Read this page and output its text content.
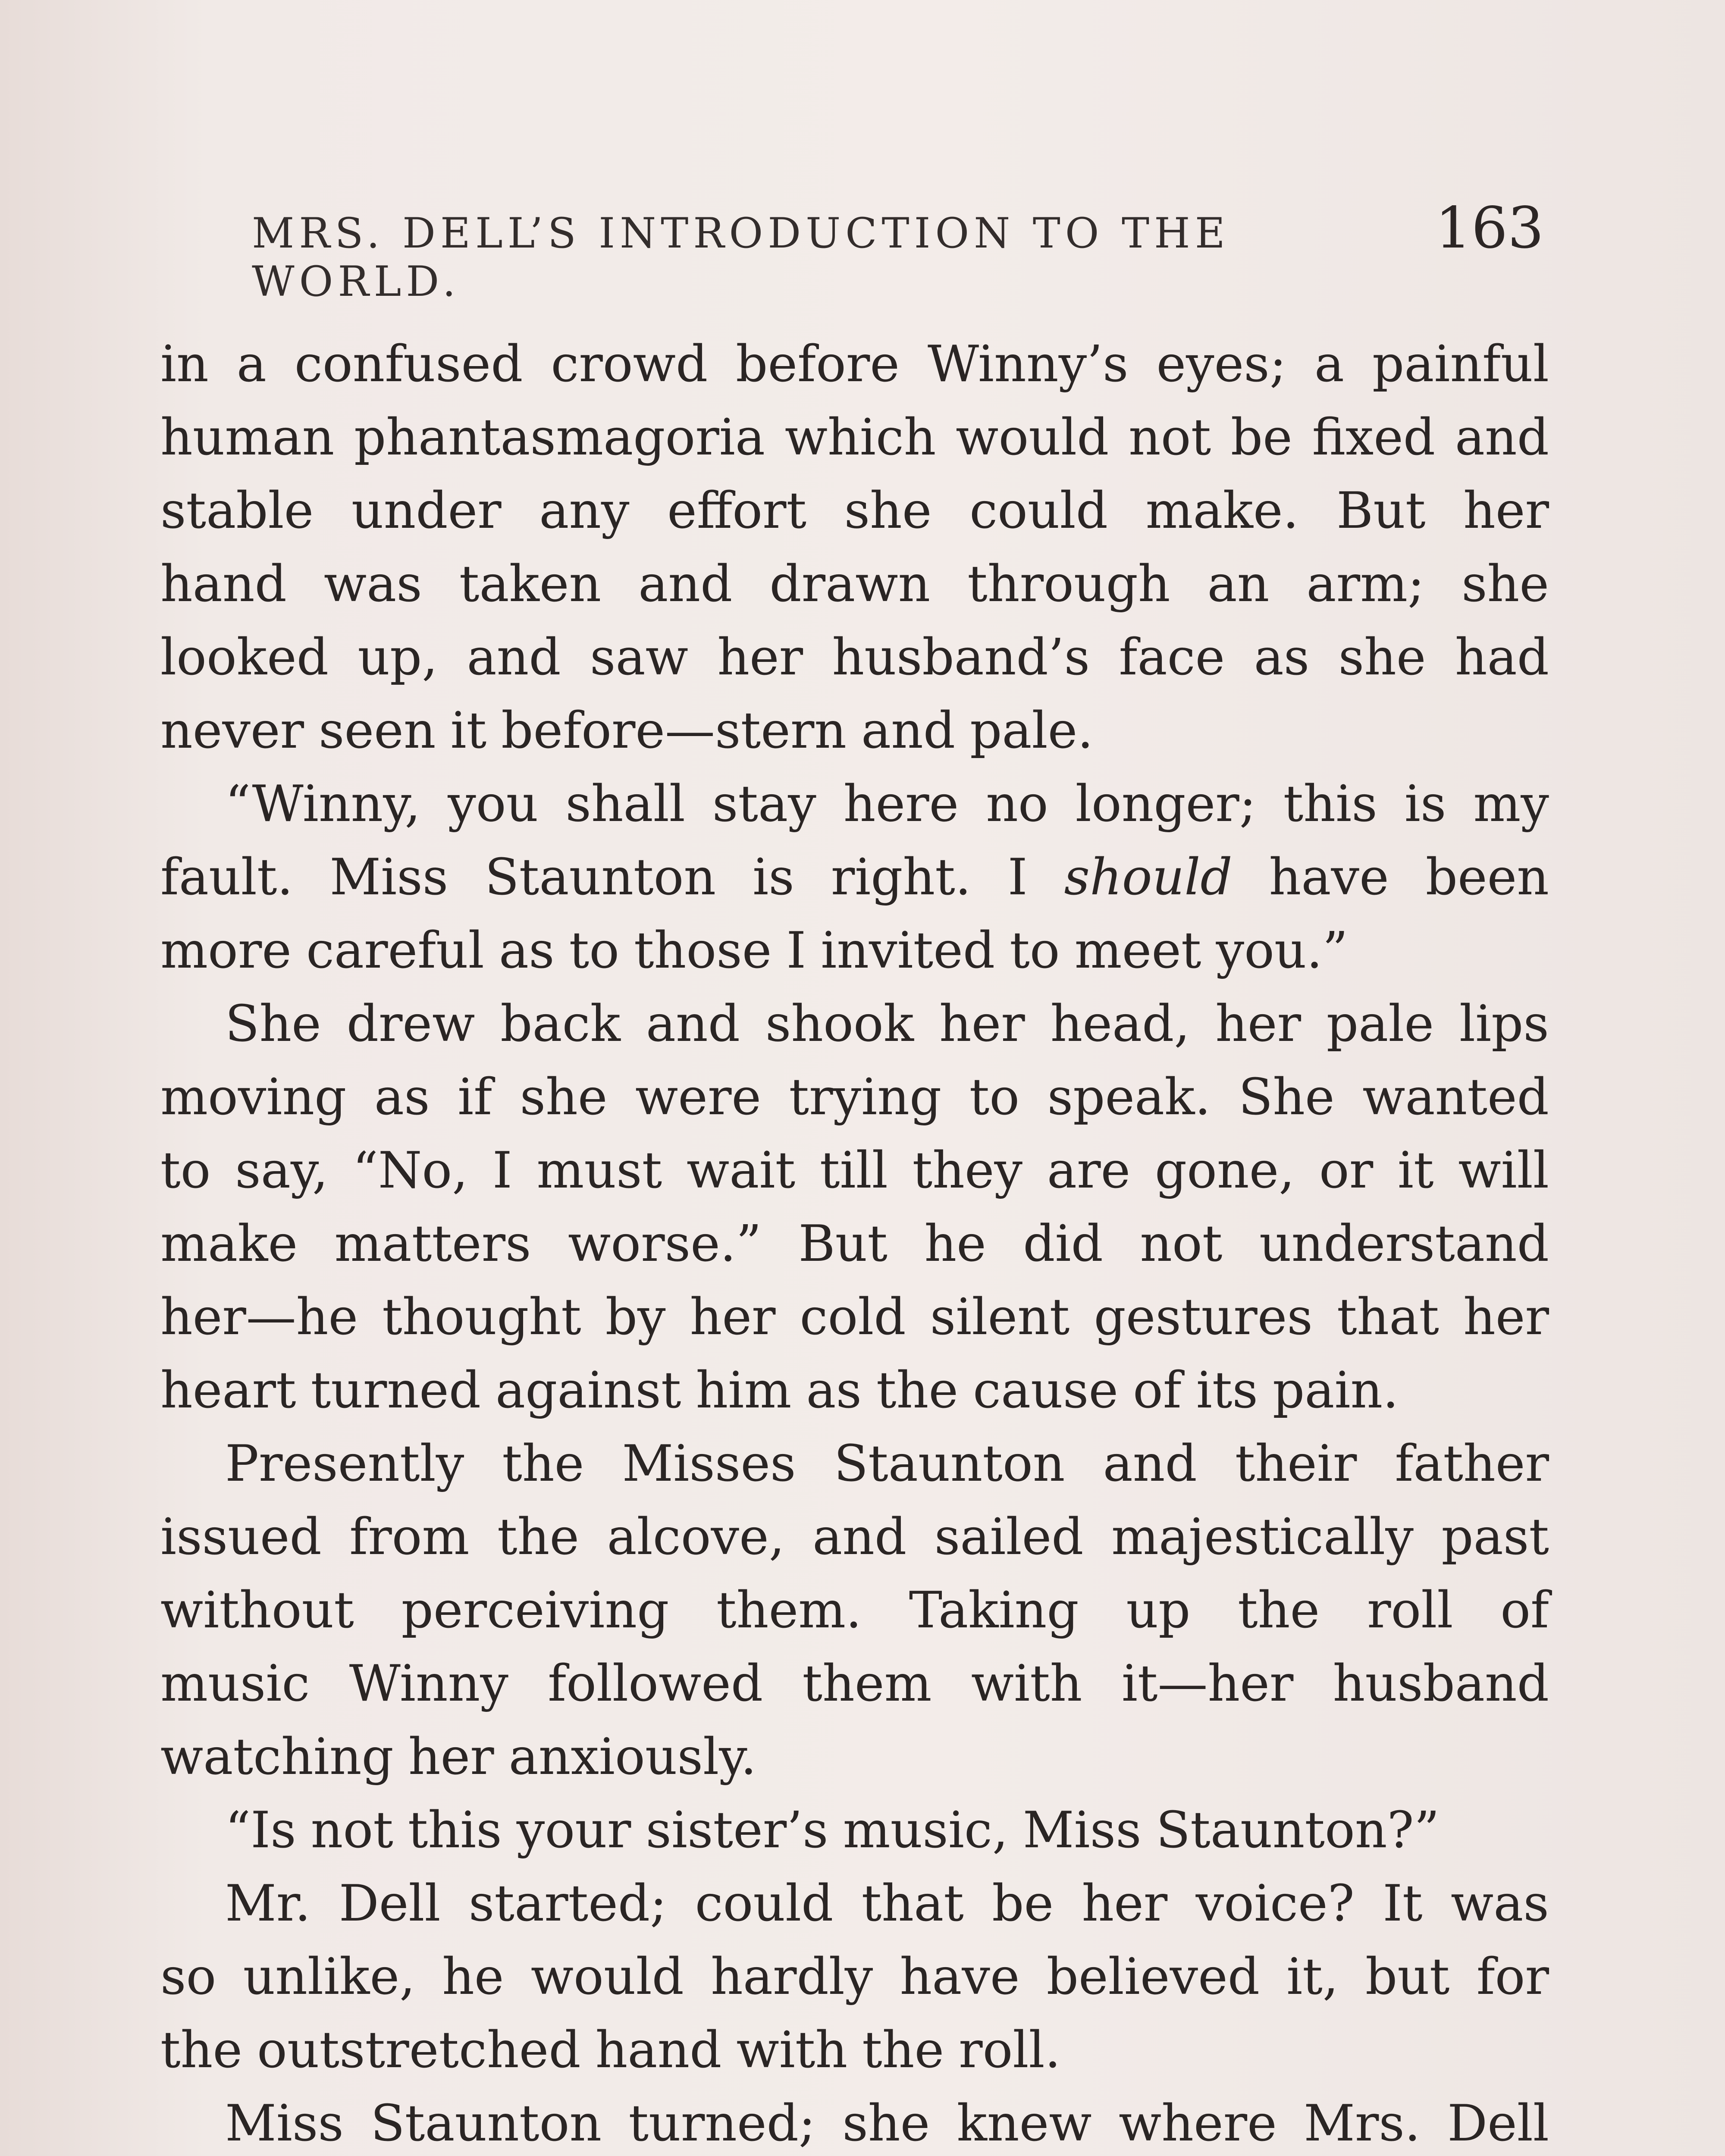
MRS. DELL’S INTRODUCTION TO THE WORLD.
163
in a confused crowd before Winny’s eyes; a painful
human phantasmagoria which would not be fixed and
stable under any effort she could make. But her
hand was taken and drawn through an arm; she
looked up, and saw her husband’s face as she had
never seen it before—stern and pale.
“Winny, you shall stay here no longer; this is my
fault. Miss Staunton is right. I should have been
more careful as to those I invited to meet you.”
She drew back and shook her head, her pale lips
moving as if she were trying to speak. She wanted
to say, “No, I must wait till they are gone, or it will
make matters worse.” But he did not understand
her—he thought by her cold silent gestures that her
heart turned against him as the cause of its pain.
Presently the Misses Staunton and their father
issued from the alcove, and sailed majestically past
without perceiving them. Taking up the roll of
music Winny followed them with it—her husband
watching her anxiously.
“Is not this your sister’s music, Miss Staunton?”
Mr. Dell started; could that be her voice? It was
so unlike, he would hardly have believed it, but for
the outstretched hand with the roll.
Miss Staunton turned; she knew where Mrs. Dell
